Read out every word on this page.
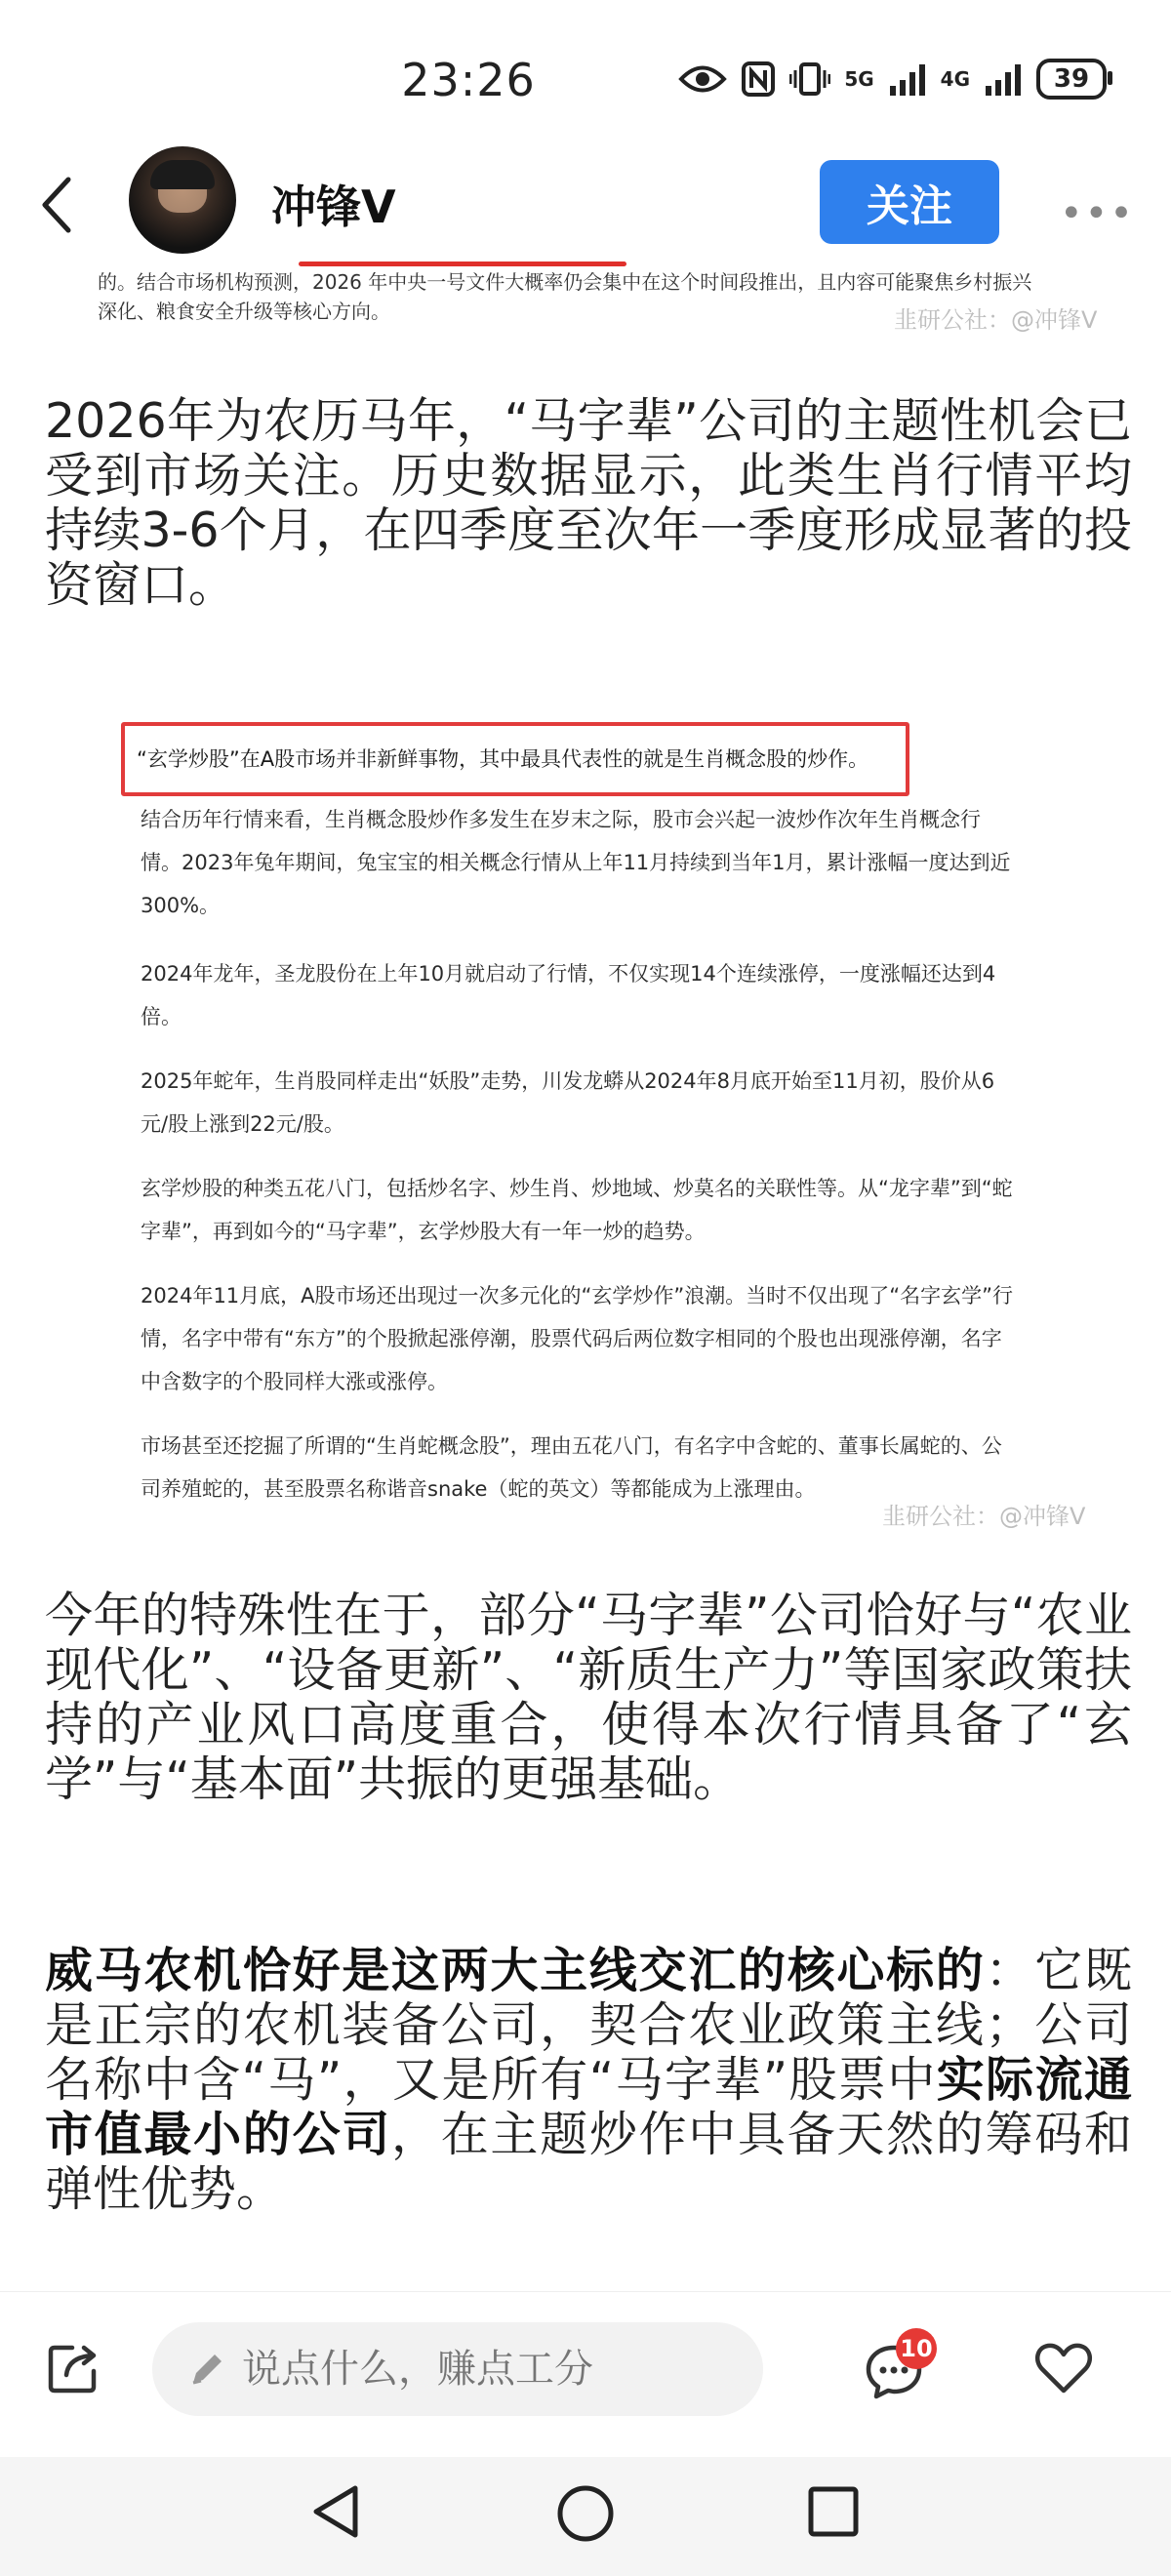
23:26	5G	4G	39
冲锋V	关注	•••
的。结合市场机构预测，2026 年中央一号文件大概率仍会集中在这个时间段推出，且内容可能聚焦乡村振兴
深化、粮食安全升级等核心方向。	韭研公社：@冲锋V
2026年为农历马年，“马字辈”公司的主题性机会已受到市场关注。历史数据显示，此类生肖行情平均持续3-6个月，在四季度至次年一季度形成显著的投资窗口。
“玄学炒股”在A股市场并非新鲜事物，其中最具代表性的就是生肖概念股的炒作。
结合历年行情来看，生肖概念股炒作多发生在岁末之际，股市会兴起一波炒作次年生肖概念行情。2023年兔年期间，兔宝宝的相关概念行情从上年11月持续到当年1月，累计涨幅一度达到近300%。
2024年龙年，圣龙股份在上年10月就启动了行情，不仅实现14个连续涨停，一度涨幅还达到4倍。
2025年蛇年，生肖股同样走出“妖股”走势，川发龙蟒从2024年8月底开始至11月初，股价从6元/股上涨到22元/股。
玄学炒股的种类五花八门，包括炒名字、炒生肖、炒地域、炒莫名的关联性等。从“龙字辈”到“蛇字辈”，再到如今的“马字辈”，玄学炒股大有一年一炒的趋势。
2024年11月底，A股市场还出现过一次多元化的“玄学炒作”浪潮。当时不仅出现了“名字玄学”行情，名字中带有“东方”的个股掀起涨停潮，股票代码后两位数字相同的个股也出现涨停潮，名字中含数字的个股同样大涨或涨停。
市场甚至还挖掘了所谓的“生肖蛇概念股”，理由五花八门，有名字中含蛇的、董事长属蛇的、公司养殖蛇的，甚至股票名称谐音snake（蛇的英文）等都能成为上涨理由。
韭研公社：@冲锋V
今年的特殊性在于，部分“马字辈”公司恰好与“农业现代化”、“设备更新”、“新质生产力”等国家政策扶持的产业风口高度重合，使得本次行情具备了“玄学”与“基本面”共振的更强基础。
威马农机恰好是这两大主线交汇的核心标的：它既是正宗的农机装备公司，契合农业政策主线；公司名称中含“马”，又是所有“马字辈”股票中实际流通市值最小的公司，在主题炒作中具备天然的筹码和弹性优势。
说点什么，赚点工分
10
